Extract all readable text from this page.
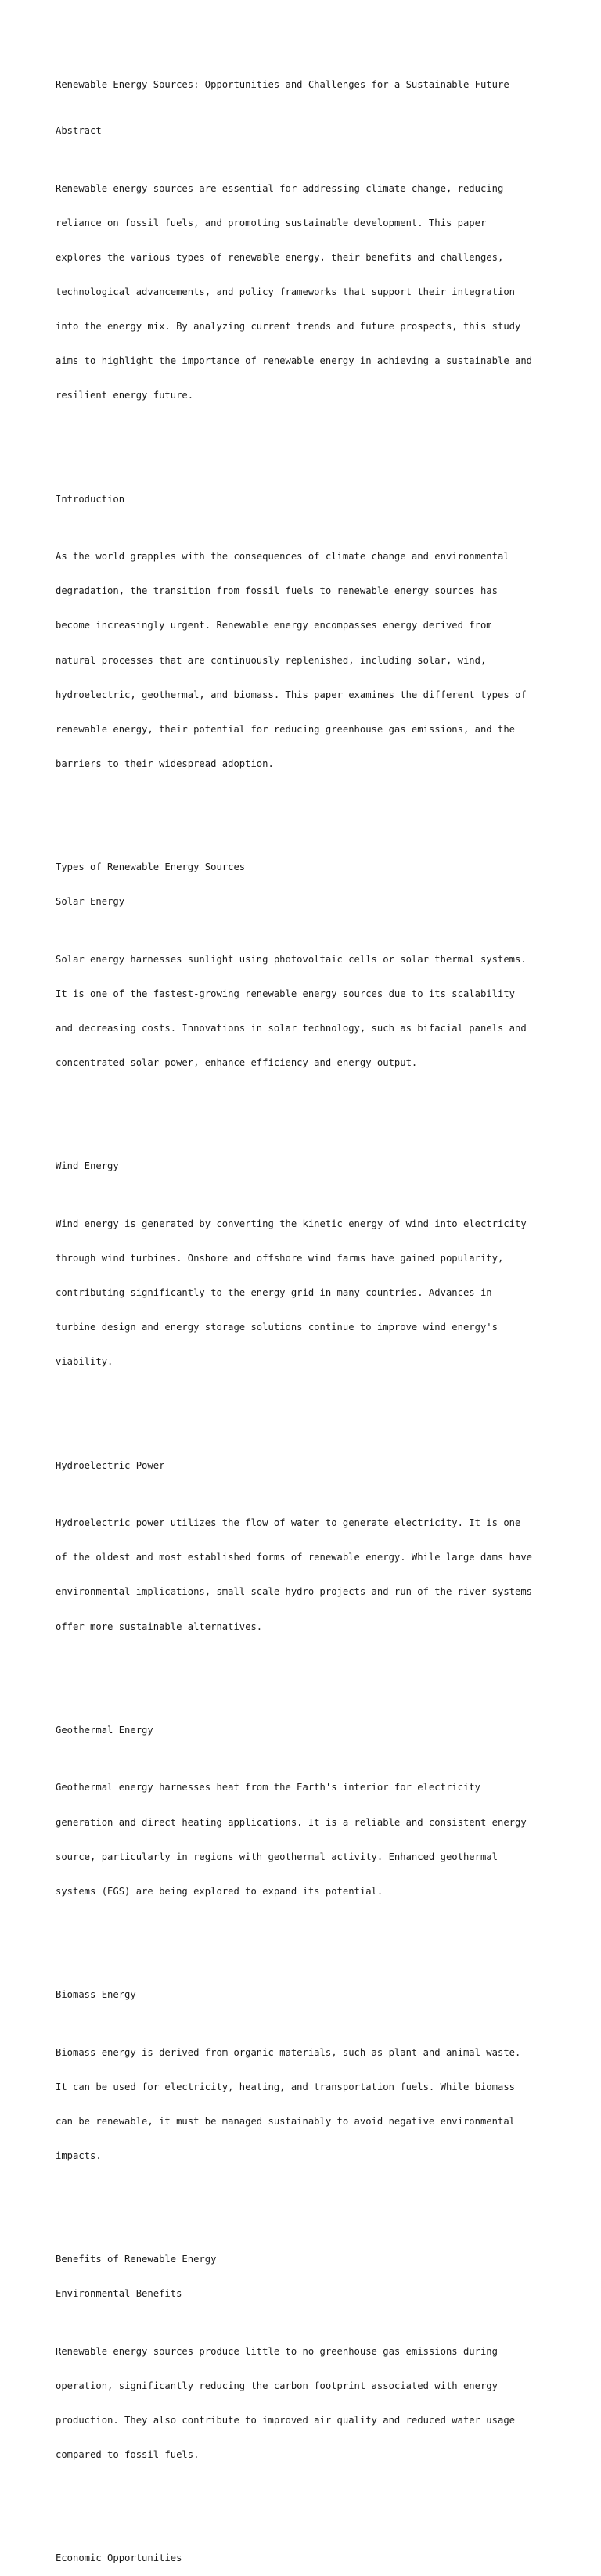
Renewable Energy Sources: Opportunities and Challenges for a Sustainable Future

Abstract

Renewable energy sources are essential for addressing climate change, reducing

reliance on fossil fuels, and promoting sustainable development. This paper

explores the various types of renewable energy, their benefits and challenges,

technological advancements, and policy frameworks that support their integration

into the energy mix. By analyzing current trends and future prospects, this study

aims to highlight the importance of renewable energy in achieving a sustainable and

resilient energy future.

Introduction

As the world grapples with the consequences of climate change and environmental

degradation, the transition from fossil fuels to renewable energy sources has

become increasingly urgent. Renewable energy encompasses energy derived from

natural processes that are continuously replenished, including solar, wind,

hydroelectric, geothermal, and biomass. This paper examines the different types of

renewable energy, their potential for reducing greenhouse gas emissions, and the

barriers to their widespread adoption.

Types of Renewable Energy Sources

Solar Energy

Solar energy harnesses sunlight using photovoltaic cells or solar thermal systems.

It is one of the fastest-growing renewable energy sources due to its scalability

and decreasing costs. Innovations in solar technology, such as bifacial panels and

concentrated solar power, enhance efficiency and energy output.

Wind Energy

Wind energy is generated by converting the kinetic energy of wind into electricity

through wind turbines. Onshore and offshore wind farms have gained popularity,

contributing significantly to the energy grid in many countries. Advances in

turbine design and energy storage solutions continue to improve wind energy's

viability.

Hydroelectric Power

Hydroelectric power utilizes the flow of water to generate electricity. It is one

of the oldest and most established forms of renewable energy. While large dams have

environmental implications, small-scale hydro projects and run-of-the-river systems

offer more sustainable alternatives.

Geothermal Energy

Geothermal energy harnesses heat from the Earth's interior for electricity

generation and direct heating applications. It is a reliable and consistent energy

source, particularly in regions with geothermal activity. Enhanced geothermal

systems (EGS) are being explored to expand its potential.

Biomass Energy

Biomass energy is derived from organic materials, such as plant and animal waste.

It can be used for electricity, heating, and transportation fuels. While biomass

can be renewable, it must be managed sustainably to avoid negative environmental

impacts.

Benefits of Renewable Energy

Environmental Benefits

Renewable energy sources produce little to no greenhouse gas emissions during

operation, significantly reducing the carbon footprint associated with energy

production. They also contribute to improved air quality and reduced water usage

compared to fossil fuels.

Economic Opportunities
